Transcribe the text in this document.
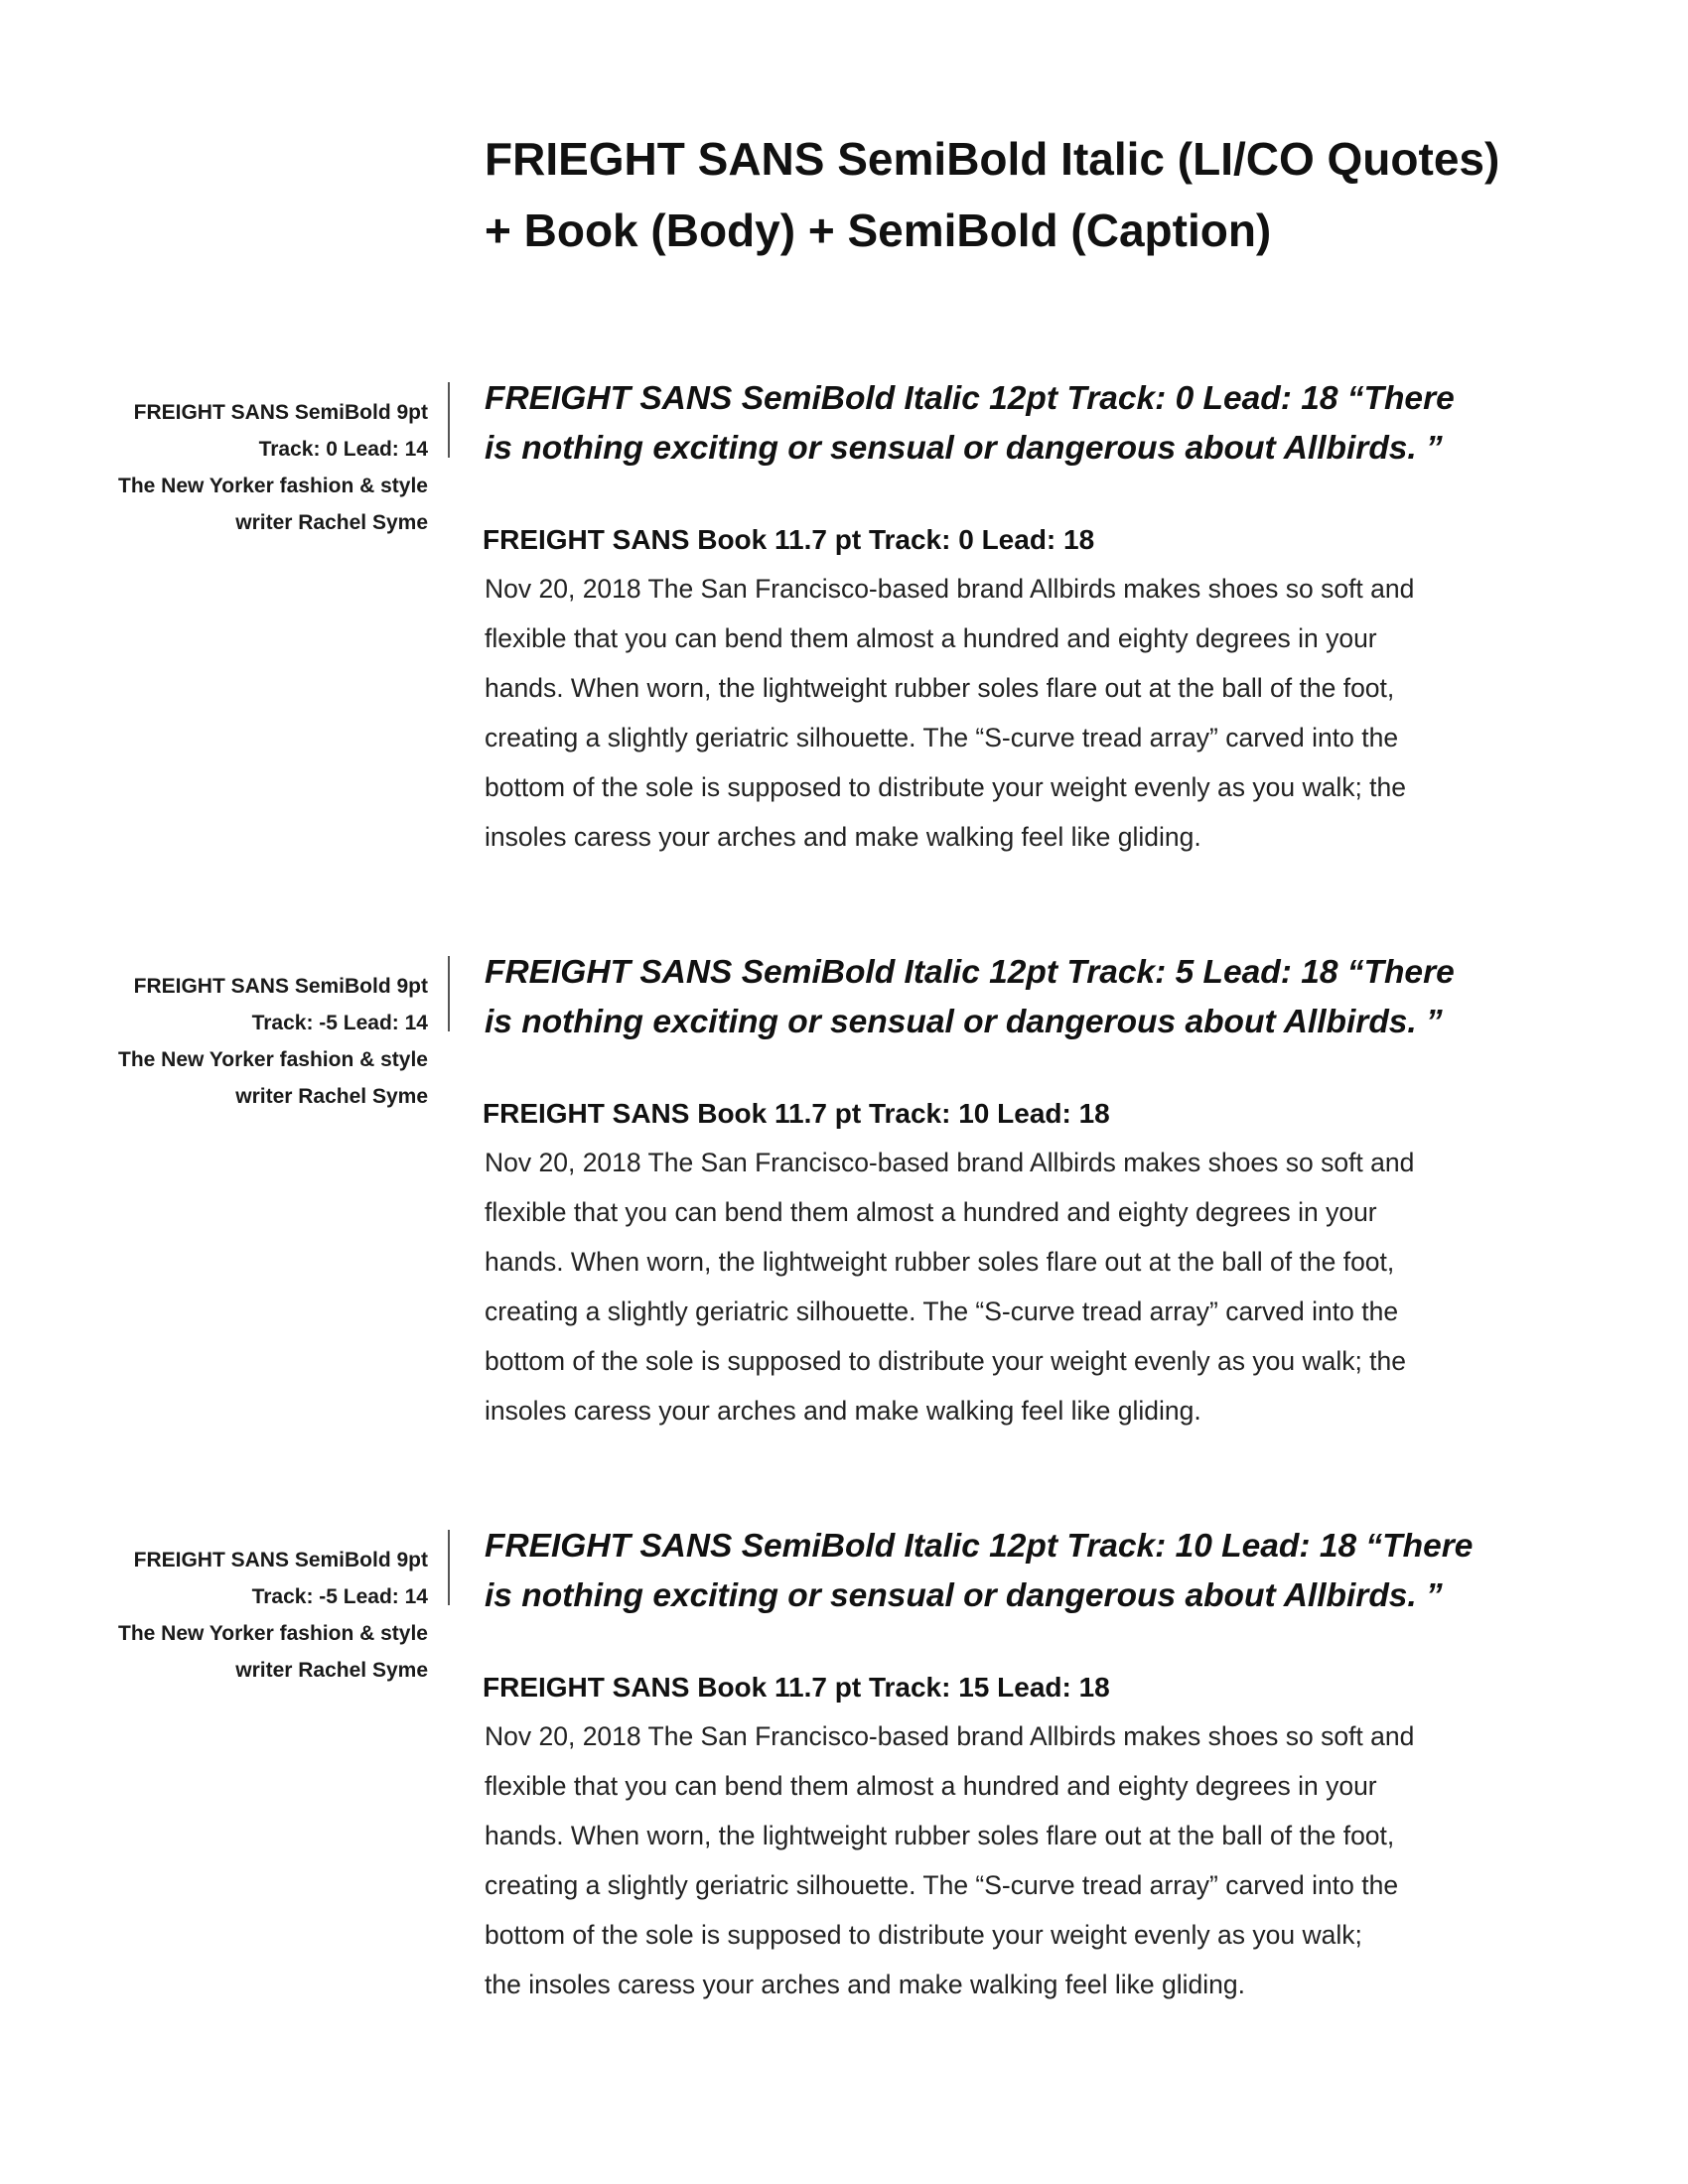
FRIEGHT SANS SemiBold Italic (LI/CO Quotes)
+ Book (Body) + SemiBold (Caption)
FREIGHT SANS SemiBold 9pt
Track: 0 Lead: 14
The New Yorker fashion & style
writer Rachel Syme
FREIGHT SANS SemiBold Italic 12pt Track: 0 Lead: 18 “There
is nothing exciting or sensual or dangerous about Allbirds. ”
FREIGHT SANS Book 11.7 pt Track: 0 Lead: 18
Nov 20, 2018 The San Francisco-based brand Allbirds makes shoes so soft and
flexible that you can bend them almost a hundred and eighty degrees in your
hands. When worn, the lightweight rubber soles flare out at the ball of the foot,
creating a slightly geriatric silhouette. The “S-curve tread array” carved into the
bottom of the sole is supposed to distribute your weight evenly as you walk; the
insoles caress your arches and make walking feel like gliding.
FREIGHT SANS SemiBold 9pt
Track: -5 Lead: 14
The New Yorker fashion & style
writer Rachel Syme
FREIGHT SANS SemiBold Italic 12pt Track: 5 Lead: 18 “There
is nothing exciting or sensual or dangerous about Allbirds. ”
FREIGHT SANS Book 11.7 pt Track: 10 Lead: 18
Nov 20, 2018 The San Francisco-based brand Allbirds makes shoes so soft and
flexible that you can bend them almost a hundred and eighty degrees in your
hands. When worn, the lightweight rubber soles flare out at the ball of the foot,
creating a slightly geriatric silhouette. The “S-curve tread array” carved into the
bottom of the sole is supposed to distribute your weight evenly as you walk; the
insoles caress your arches and make walking feel like gliding.
FREIGHT SANS SemiBold 9pt
Track: -5 Lead: 14
The New Yorker fashion & style
writer Rachel Syme
FREIGHT SANS SemiBold Italic 12pt Track: 10 Lead: 18 “There
is nothing exciting or sensual or dangerous about Allbirds. ”
FREIGHT SANS Book 11.7 pt Track: 15 Lead: 18
Nov 20, 2018 The San Francisco-based brand Allbirds makes shoes so soft and
flexible that you can bend them almost a hundred and eighty degrees in your
hands. When worn, the lightweight rubber soles flare out at the ball of the foot,
creating a slightly geriatric silhouette. The “S-curve tread array” carved into the
bottom of the sole is supposed to distribute your weight evenly as you walk;
the insoles caress your arches and make walking feel like gliding.
